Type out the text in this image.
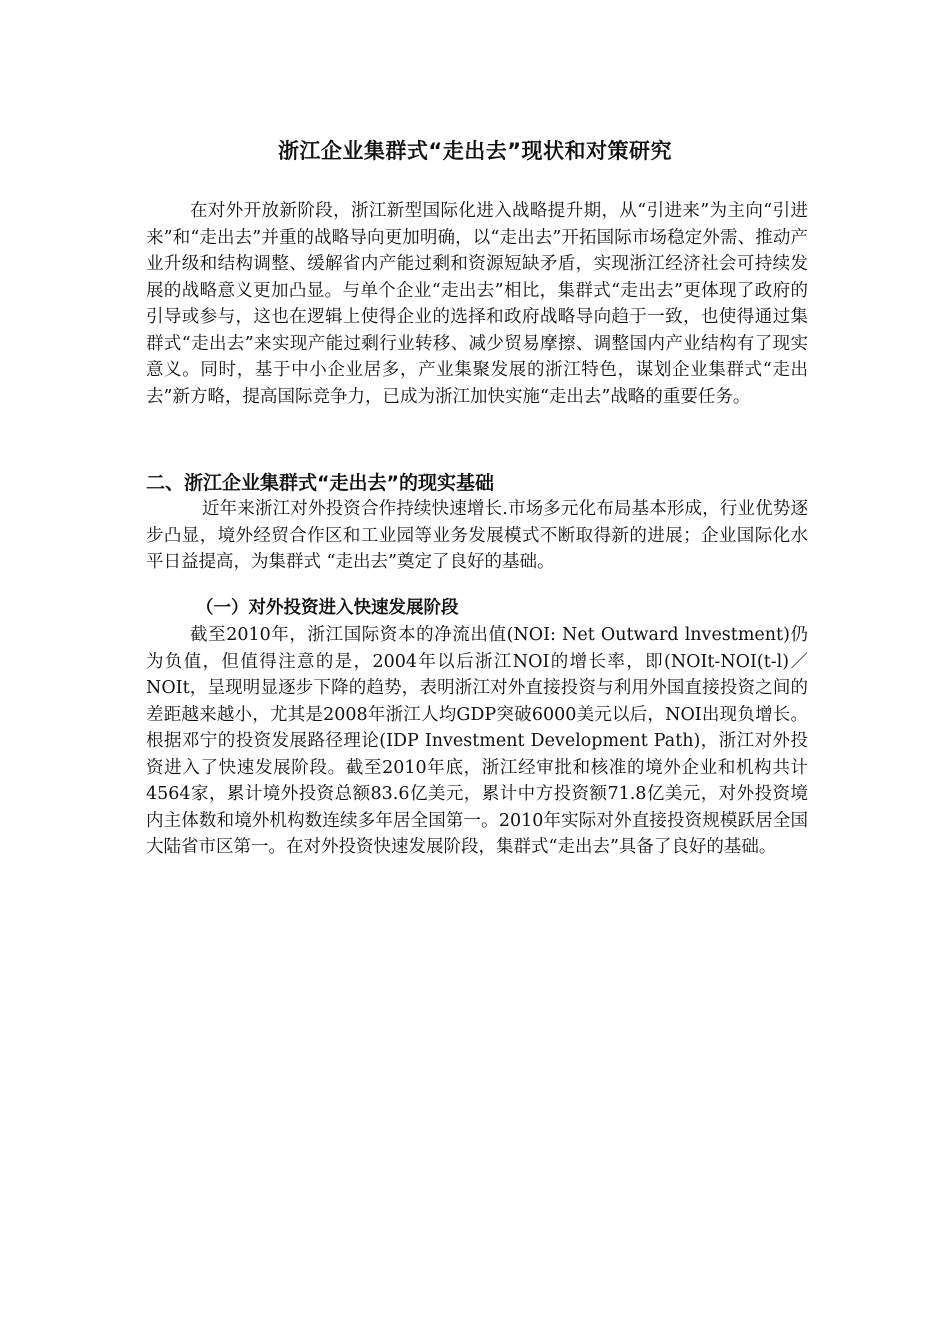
浙江企业集群式“走出去”现状和对策研究

在对外开放新阶段，浙江新型国际化进入战略提升期，从“引进来”为主向“引进来”和“走出去”并重的战略导向更加明确，以“走出去”开拓国际市场稳定外需、推动产业升级和结构调整、缓解省内产能过剩和资源短缺矛盾，实现浙江经济社会可持续发展的战略意义更加凸显。与单个企业“走出去”相比，集群式“走出去”更体现了政府的引导或参与，这也在逻辑上使得企业的选择和政府战略导向趋于一致，也使得通过集群式“走出去”来实现产能过剩行业转移、减少贸易摩擦、调整国内产业结构有了现实意义。同时，基于中小企业居多，产业集聚发展的浙江特色，谋划企业集群式“走出去”新方略，提高国际竞争力，已成为浙江加快实施“走出去”战略的重要任务。

二、浙江企业集群式“走出去”的现实基础

近年来浙江对外投资合作持续快速增长.市场多元化布局基本形成，行业优势逐步凸显，境外经贸合作区和工业园等业务发展模式不断取得新的进展；企业国际化水平日益提高，为集群式 “走出去”奠定了良好的基础。

（一）对外投资进入快速发展阶段

截至2010年，浙江国际资本的净流出值(NOI: Net Outward lnvestment)仍为负值，但值得注意的是，2004年以后浙江NOI的增长率，即(NOIt-NOI(t-l)／NOIt，呈现明显逐步下降的趋势，表明浙江对外直接投资与利用外国直接投资之间的差距越来越小，尤其是2008年浙江人均GDP突破6000美元以后，NOI出现负增长。根据邓宁的投资发展路径理论(IDP Investment Development Path)，浙江对外投资进入了快速发展阶段。截至2010年底，浙江经审批和核准的境外企业和机构共计4564家，累计境外投资总额83.6亿美元，累计中方投资额71.8亿美元，对外投资境内主体数和境外机构数连续多年居全国第一。2010年实际对外直接投资规模跃居全国大陆省市区第一。在对外投资快速发展阶段，集群式“走出去”具备了良好的基础。
